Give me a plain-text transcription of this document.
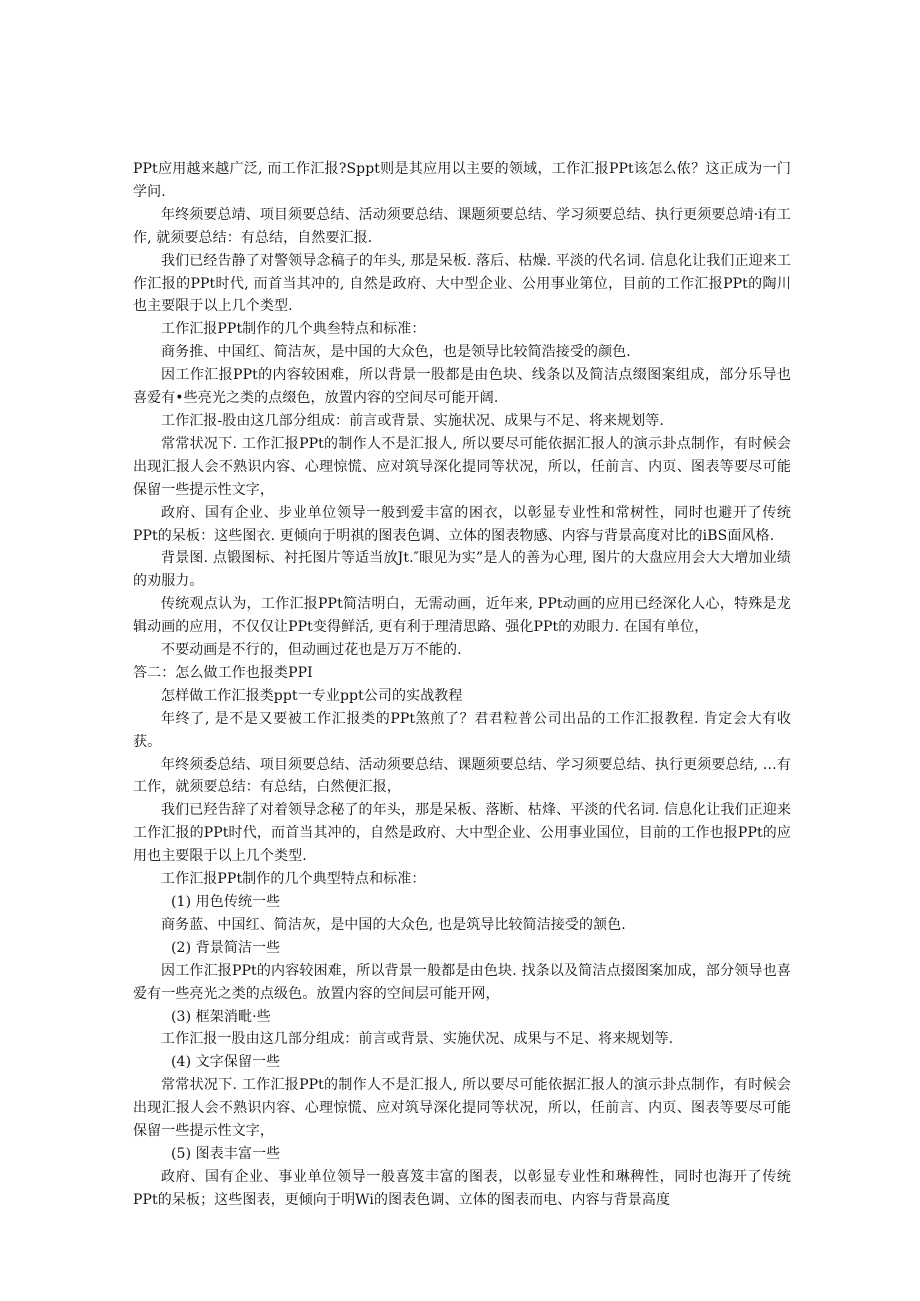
PPt应用越来越广泛, 而工作汇报?Sppt则是其应用以主要的领域，工作汇报PPt该怎么侬？这正成为一门学问.

年终须要总靖、项目须要总结、活动须要总结、课题须要总结、学习须要总结、执行更须要总靖·i有工作, 就须要总结：有总结，自然要汇报.

我们已经告静了对警领导念稿子的年头, 那是呆板. 落后、枯燥. 平淡的代名词. 信息化让我们正迎来工作汇报的PPt时代, 而首当其冲的, 自然是政府、大中型企业、公用事业第位，目前的工作汇报PPt的陶川也主要限于以上几个类型.

工作汇报PPt制作的几个典叁特点和标准：

商务推、中国红、简洁灰，是中国的大众色，也是领导比较简浩接受的颜色.

因工作汇报PPt的内容较困难，所以背景一股都是由色块、线条以及简洁点缀图案组成，部分乐导也喜爱有•些亮光之类的点缀色，放置内容的空间尽可能开阔.

工作汇报-股由这几部分组成：前言或背景、实施状况、成果与不足、将来规划等.

常常状况下. 工作汇报PPt的制作人不是汇报人, 所以要尽可能依据汇报人的演示卦点制作，有时候会出现汇报人会不熟识内容、心理惊慌、应对筑导深化提同等状况，所以，任前言、内页、图表等要尽可能保留一些提示性文字，

政府、国有企业、步业单位领导一般到爱丰富的困衣，以彰显专业性和常树性，同时也避开了传统PPt的呆板：这些图衣. 更倾向于明祺的图表色调、立体的图表物感、内容与背景高度对比的iBS面风格.

背景图. 点锻图标、衬托图片等适当放Jt.″眼见为实”是人的善为心理, 图片的大盘应用会大大增加业绩的劝服力。

传统观点认为，工作汇报PPt简洁明白，无需动画，近年来, PPt动画的应用已经深化人心，特殊是龙辑动画的应用，不仅仅让PPt变得鲜活, 更有利于理清思路、强化PPt的劝眼力. 在国有单位，

不要动画是不行的，但动画过花也是万万不能的.

答二：怎么做工作也报类PPI

怎样做工作汇报类ppt一专业ppt公司的实战教程

年终了, 是不是又要被工作汇报类的PPt煞煎了？君君粒普公司出品的工作汇报教程. 肯定会大有收获。

年终须委总结、项目须要总结、活动须要总结、课题须要总结、学习须要总结、执行更须要总结, …有工作，就须要总结：有总结，白然便汇报，

我们已羟告辞了对着领导念秘了的年头，那是呆板、落断、枯烽、平淡的代名词. 信息化让我们正迎来工作汇报的PPt时代，而首当其冲的，自然是政府、大中型企业、公用事业国位，目前的工作也报PPt的应用也主要限于以上几个类型.

工作汇报PPt制作的几个典型特点和标准：

(1) 用色传统一些

商务蓝、中国红、简洁灰，是中国的大众色, 也是筑导比较简洁接受的颔色.

(2) 背景简洁一些

因工作汇报PPt的内容较困难，所以背景一般都是由色块. 找条以及简洁点掇图案加成，部分领导也喜爱有一些亮光之类的点级色。放置内容的空间层可能开网，

(3) 框架消毗·些

工作汇报一股由这几部分组成：前言或背景、实施伏况、成果与不足、将来规划等.

(4) 文字保留一些

常常状况下. 工作汇报PPt的制作人不是汇报人, 所以要尽可能依据汇报人的演示卦点制作，有时候会出现汇报人会不熟识内容、心理惊慌、应对筑导深化提同等状况，所以，任前言、内页、图表等要尽可能保留一些提示性文字，

(5) 图表丰富一些

政府、国有企业、事业单位领导一般喜笈丰富的图表，以彰显专业性和琳稗性，同时也海开了传统PPt的呆板；这些图表，更倾向于明Wi的图表色调、立体的图表而电、内容与背景高度
